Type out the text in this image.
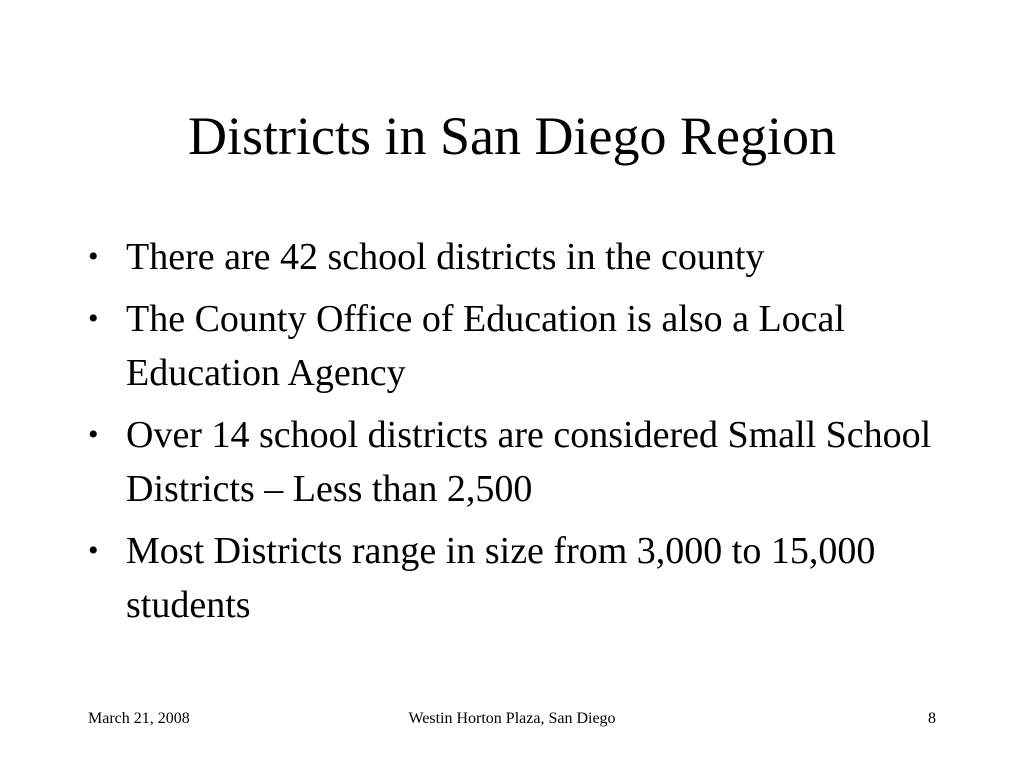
Districts in San Diego Region
• There are 42 school districts in the county
• The County Office of Education is also a Local Education Agency
• Over 14 school districts are considered Small School Districts – Less than 2,500
• Most Districts range in size from 3,000 to 15,000 students
March 21, 2008	Westin Horton Plaza, San Diego	8
